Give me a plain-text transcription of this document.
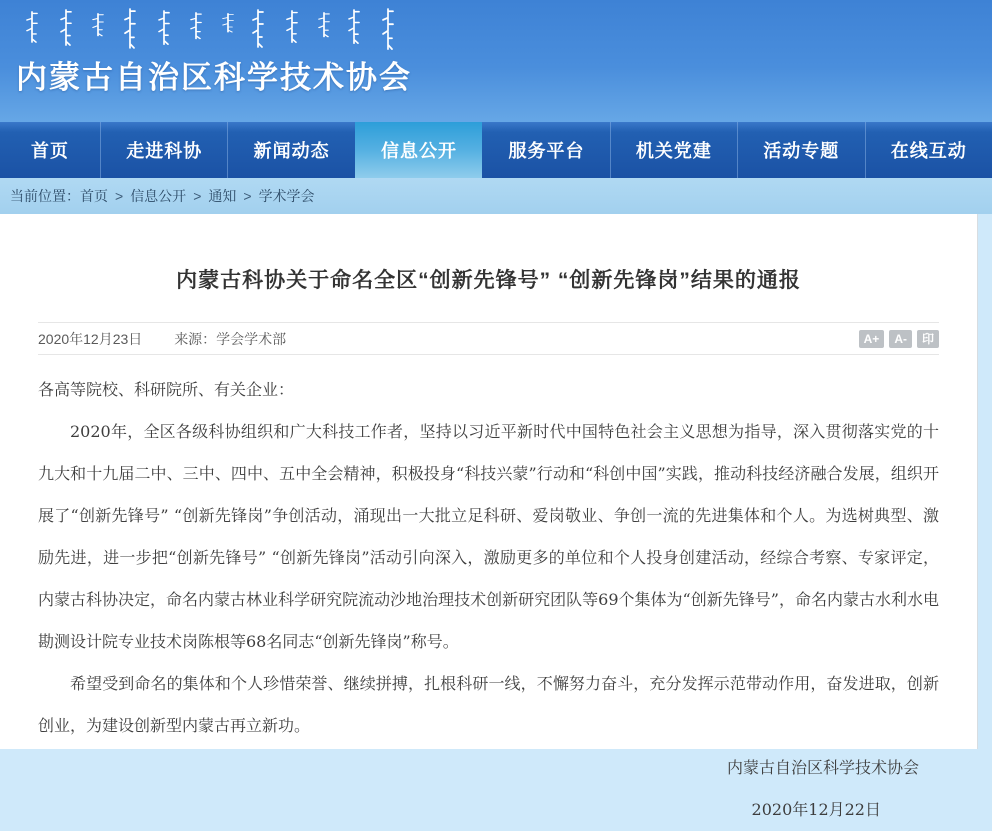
内蒙古自治区科学技术协会
首页	走进科协	新闻动态	信息公开	服务平台	机关党建	活动专题	在线互动
当前位置： 首页 > 信息公开 > 通知 > 学术学会
内蒙古科协关于命名全区“创新先锋号” “创新先锋岗”结果的通报
2020年12月23日 来源：学会学术部	A+	A-	印

各高等院校、科研院所、有关企业：

2020年，全区各级科协组织和广大科技工作者，坚持以习近平新时代中国特色社会主义思想为指导，深入贯彻落实党的十九大和十九届二中、三中、四中、五中全会精神，积极投身“科技兴蒙”行动和“科创中国”实践，推动科技经济融合发展，组织开展了“创新先锋号” “创新先锋岗”争创活动，涌现出一大批立足科研、爱岗敬业、争创一流的先进集体和个人。为选树典型、激励先进，进一步把“创新先锋号” “创新先锋岗”活动引向深入，激励更多的单位和个人投身创建活动，经综合考察、专家评定，内蒙古科协决定，命名内蒙古林业科学研究院流动沙地治理技术创新研究团队等69个集体为“创新先锋号”，命名内蒙古水利水电勘测设计院专业技术岗陈根等68名同志“创新先锋岗”称号。

希望受到命名的集体和个人珍惜荣誉、继续拼搏，扎根科研一线，不懈努力奋斗，充分发挥示范带动作用，奋发进取，创新创业，为建设创新型内蒙古再立新功。

内蒙古自治区科学技术协会

2020年12月22日
